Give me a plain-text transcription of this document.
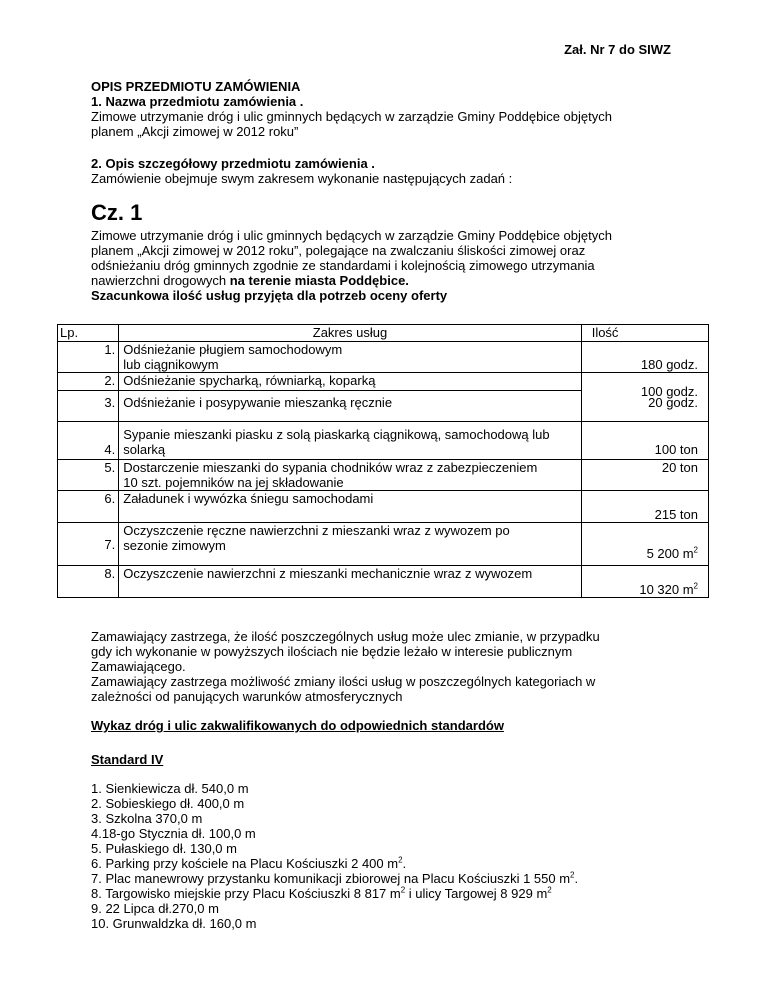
Zał. Nr 7 do SIWZ
OPIS PRZEDMIOTU ZAMÓWIENIA
1. Nazwa przedmiotu zamówienia .
Zimowe utrzymanie dróg i ulic gminnych będących w zarządzie Gminy Poddębice objętych
planem „Akcji zimowej w 2012 roku”
2. Opis szczegółowy przedmiotu zamówienia .
Zamówienie obejmuje swym zakresem wykonanie następujących zadań :
Cz. 1
Zimowe utrzymanie dróg i ulic gminnych będących w zarządzie Gminy Poddębice objętych
planem „Akcji zimowej w 2012 roku”, polegające na zwalczaniu śliskości zimowej oraz
odśnieżaniu dróg gminnych zgodnie ze standardami i kolejnością zimowego utrzymania
nawierzchni drogowych na terenie miasta Poddębice.
Szacunkowa ilość usług przyjęta dla potrzeb oceny oferty
Lp.	Zakres usług	Ilość
1.	Odśnieżanie pługiem samochodowym
lub ciągnikowym	180 godz.
2.	Odśnieżanie spycharką, równiarką, koparką	100 godz.

3.	Odśnieżanie i posypywanie mieszanką ręcznie	20 godz.
4.	Sypanie mieszanki piasku z solą piaskarką ciągnikową, samochodową lub
solarką	100 ton
5.	Dostarczenie mieszanki do sypania chodników wraz z zabezpieczeniem
10 szt. pojemników na jej składowanie	20 ton
6.	Załadunek i wywózka śniegu samochodami	215 ton
7.	Oczyszczenie ręczne nawierzchni z mieszanki wraz z wywozem po
sezonie zimowym	5 200 $m^2$
8.	Oczyszczenie nawierzchni z mieszanki mechanicznie wraz z wywozem	10 320 $m^2$
Zamawiający zastrzega, że ilość poszczególnych usług może ulec zmianie, w przypadku
gdy ich wykonanie w powyższych ilościach nie będzie leżało w interesie publicznym
Zamawiającego.
Zamawiający zastrzega możliwość zmiany ilości usług w poszczególnych kategoriach w
zależności od panujących warunków atmosferycznych
Wykaz dróg i ulic zakwalifikowanych do odpowiednich standardów
Standard IV
1. Sienkiewicza dł. 540,0 m
2. Sobieskiego dł. 400,0 m
3. Szkolna 370,0 m
4.18-go Stycznia dł. 100,0 m
5. Pułaskiego dł. 130,0 m
6. Parking przy kościele na Placu Kościuszki 2 400 $m^2$.
7. Plac manewrowy przystanku komunikacji zbiorowej na Placu Kościuszki 1 550 $m^2$.
8. Targowisko miejskie przy Placu Kościuszki 8 817 $m^2$ i ulicy Targowej 8 929 $m^2$
9. 22 Lipca dł.270,0 m
10. Grunwaldzka dł. 160,0 m
